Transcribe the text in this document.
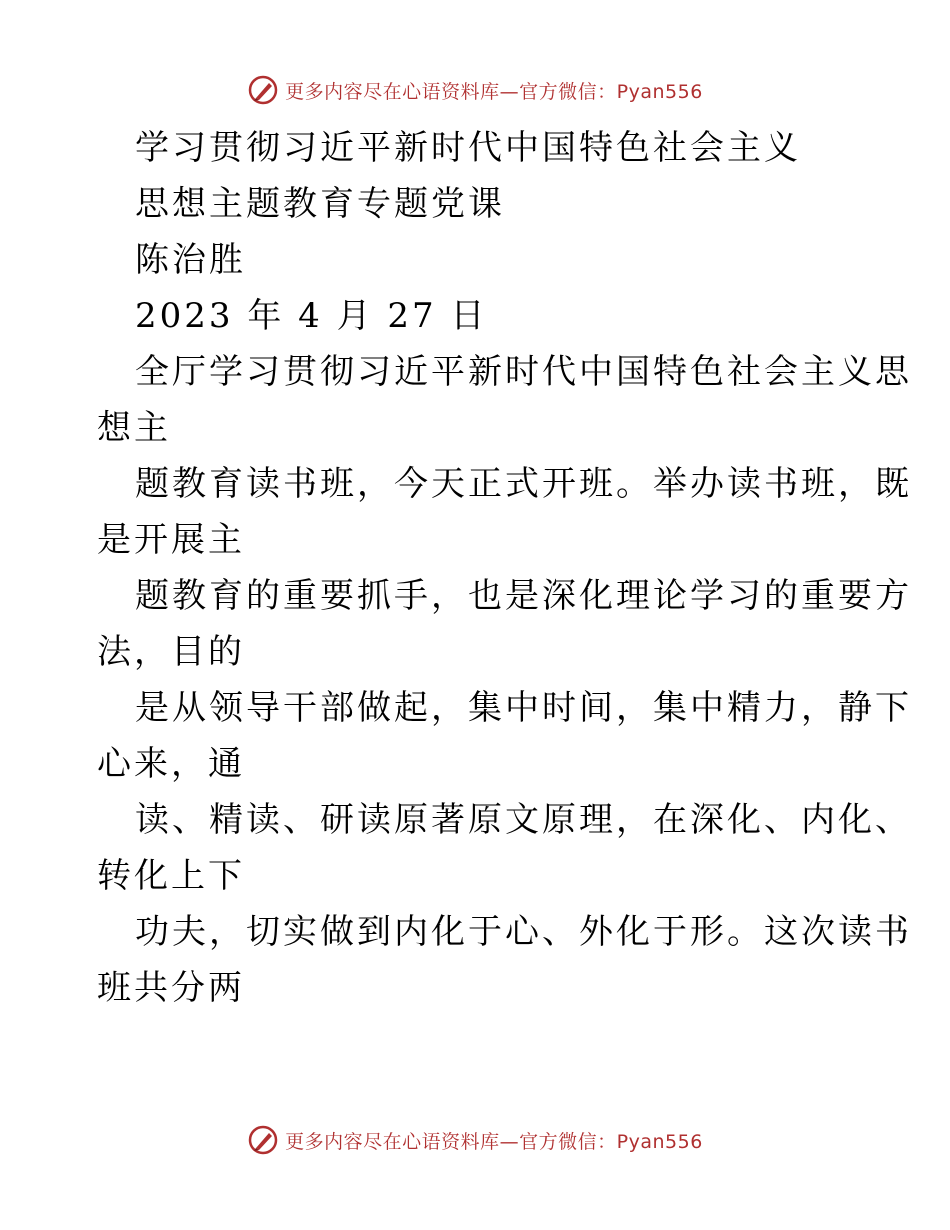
更多内容尽在心语资料库—官方微信：Pyan556

学习贯彻习近平新时代中国特色社会主义

思想主题教育专题党课

陈治胜

2023 年 4 月 27 日

全厅学习贯彻习近平新时代中国特色社会主义思

想主

题教育读书班，今天正式开班。举办读书班，既

是开展主

题教育的重要抓手，也是深化理论学习的重要方

法，目的

是从领导干部做起，集中时间，集中精力，静下

心来，通

读、精读、研读原著原文原理，在深化、内化、

转化上下

功夫，切实做到内化于心、外化于形。这次读书

班共分两

更多内容尽在心语资料库—官方微信：Pyan556
